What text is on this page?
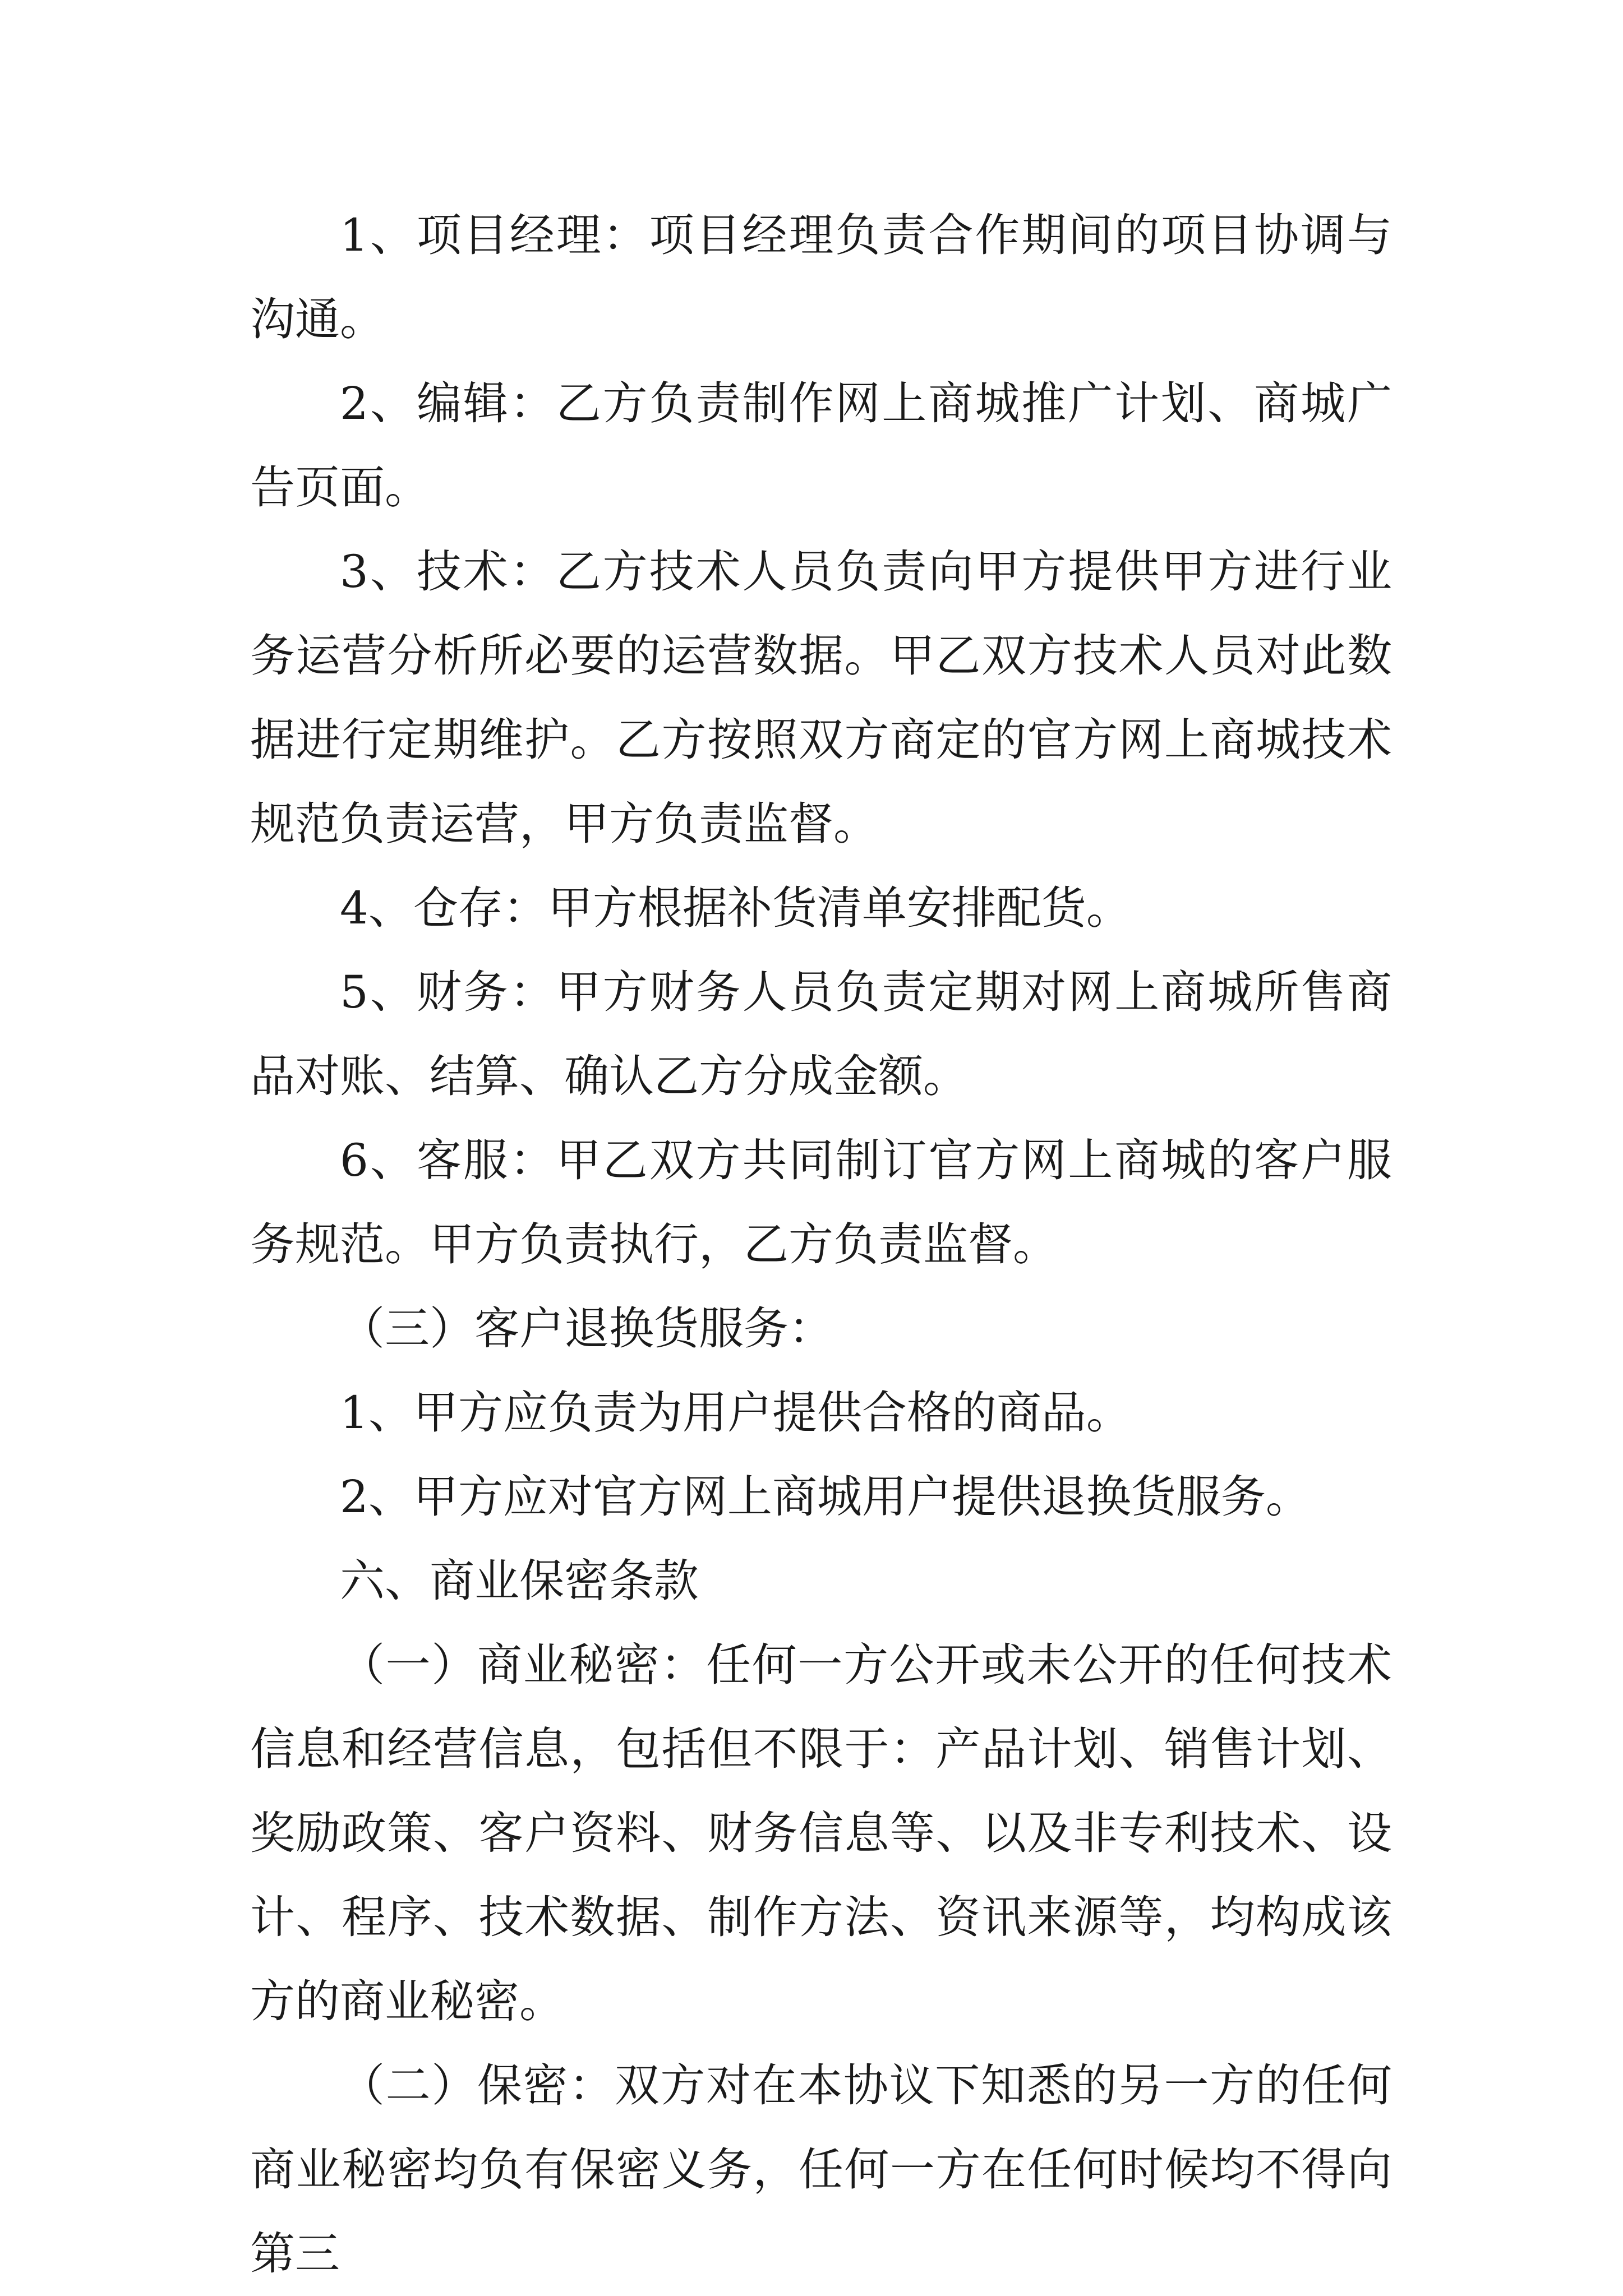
1、项目经理：项目经理负责合作期间的项目协调与沟通。

2、编辑：乙方负责制作网上商城推广计划、商城广告页面。

3、技术：乙方技术人员负责向甲方提供甲方进行业务运营分析所必要的运营数据。甲乙双方技术人员对此数据进行定期维护。乙方按照双方商定的官方网上商城技术规范负责运营，甲方负责监督。

4、仓存：甲方根据补货清单安排配货。

5、财务：甲方财务人员负责定期对网上商城所售商品对账、结算、确认乙方分成金额。

6、客服：甲乙双方共同制订官方网上商城的客户服务规范。甲方负责执行，乙方负责监督。

（三）客户退换货服务：

1、甲方应负责为用户提供合格的商品。

2、甲方应对官方网上商城用户提供退换货服务。

六、商业保密条款

（一）商业秘密：任何一方公开或未公开的任何技术信息和经营信息，包括但不限于：产品计划、销售计划、奖励政策、客户资料、财务信息等、以及非专利技术、设计、程序、技术数据、制作方法、资讯来源等，均构成该方的商业秘密。

（二）保密：双方对在本协议下知悉的另一方的任何商业秘密均负有保密义务，任何一方在任何时候均不得向第三
